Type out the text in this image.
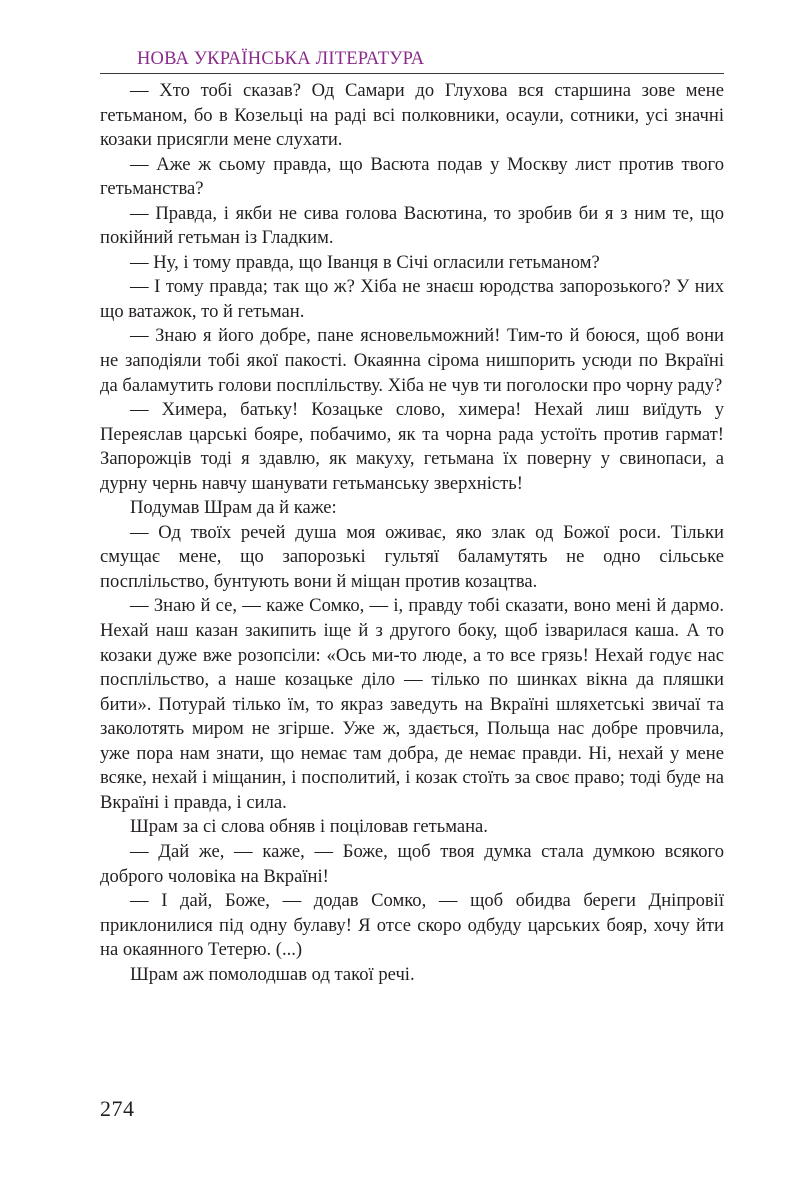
НОВА УКРАЇНСЬКА ЛІТЕРАТУРА

— Хто тобі сказав? Од Самари до Глухова вся старшина зове мене гетьманом, бо в Козельці на раді всі полковники, осаули, сотники, усі значні козаки присягли мене слухати.

— Аже ж сьому правда, що Васюта подав у Москву лист против твого гетьманства?

— Правда, і якби не сива голова Васютина, то зробив би я з ним те, що покійний гетьман із Гладким.

— Ну, і тому правда, що Іванця в Січі огласили гетьманом?

— І тому правда; так що ж? Хіба не знаєш юродства запорозького? У них що ватажок, то й гетьман.

— Знаю я його добре, пане ясновельможний! Тим-то й боюся, щоб вони не заподіяли тобі якої пакості. Окаянна сірома нишпорить усюди по Вкраїні да баламутить голови посплільству. Хіба не чув ти поголоски про чорну раду?

— Химера, батьку! Козацьке слово, химера! Нехай лиш виїдуть у Переяслав царські бояре, побачимо, як та чорна рада устоїть против гармат! Запорожців тоді я здавлю, як макуху, гетьмана їх поверну у свинопаси, а дурну чернь навчу шанувати гетьманську зверхність!

Подумав Шрам да й каже:

— Од твоїх речей душа моя оживає, яко злак од Божої роси. Тільки смущає мене, що запорозькі гультяї баламутять не одно сільське посплільство, бунтують вони й міщан против козацтва.

— Знаю й се, — каже Сомко, — і, правду тобі сказати, воно мені й дармо. Нехай наш казан закипить іще й з другого боку, щоб ізварилася каша. А то козаки дуже вже розопсіли: «Ось ми-то люде, а то все грязь! Нехай годує нас посплільство, а наше козацьке діло — тілько по шинках вікна да пляшки бити». Потурай тілько їм, то якраз заведуть на Вкраїні шляхетські звичаї та заколотять миром не згірше. Уже ж, здається, Польща нас добре провчила, уже пора нам знати, що немає там добра, де немає правди. Ні, нехай у мене всяке, нехай і міщанин, і посполитий, і козак стоїть за своє право; тоді буде на Вкраїні і правда, і сила.

Шрам за сі слова обняв і поціловав гетьмана.

— Дай же, — каже, — Боже, щоб твоя думка стала думкою всякого доброго чоловіка на Вкраїні!

— І дай, Боже, — додав Сомко, — щоб обидва береги Дніпровії приклонилися під одну булаву! Я отсе скоро одбуду царських бояр, хочу йти на окаянного Тетерю. (...)

Шрам аж помолодшав од такої речі.

274
